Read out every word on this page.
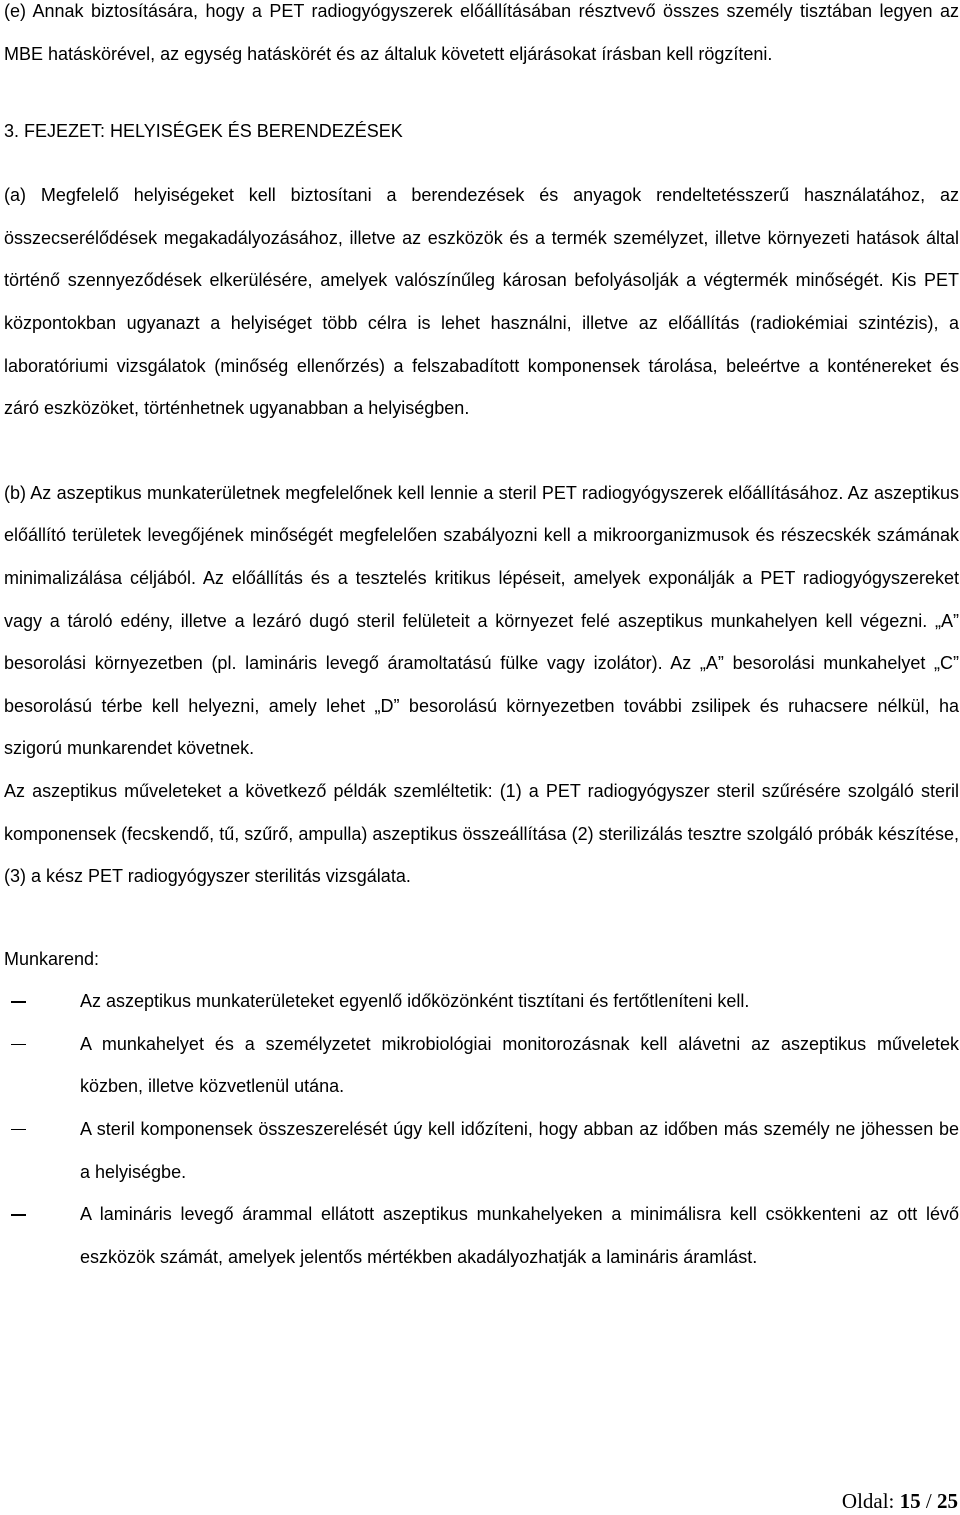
(e) Annak biztosítására, hogy a PET radiogyógyszerek előállításában résztvevő összes személy tisztában legyen az MBE hatáskörével, az egység hatáskörét és az általuk követett eljárásokat írásban kell rögzíteni.

3. FEJEZET: HELYISÉGEK ÉS BERENDEZÉSEK

(a) Megfelelő helyiségeket kell biztosítani a berendezések és anyagok rendeltetésszerű használatához, az összecserélődések megakadályozásához, illetve az eszközök és a termék személyzet, illetve környezeti hatások által történő szennyeződések elkerülésére, amelyek valószínűleg károsan befolyásolják a végtermék minőségét. Kis PET központokban ugyanazt a helyiséget több célra is lehet használni, illetve az előállítás (radiokémiai szintézis), a laboratóriumi vizsgálatok (minőség ellenőrzés) a felszabadított komponensek tárolása, beleértve a konténereket és záró eszközöket, történhetnek ugyanabban a helyiségben.

(b) Az aszeptikus munkaterületnek megfelelőnek kell lennie a steril PET radiogyógyszerek előállításához. Az aszeptikus előállító területek levegőjének minőségét megfelelően szabályozni kell a mikroorganizmusok és részecskék számának minimalizálása céljából. Az előállítás és a tesztelés kritikus lépéseit, amelyek exponálják a PET radiogyógyszereket vagy a tároló edény, illetve a lezáró dugó steril felületeit a környezet felé aszeptikus munkahelyen kell végezni. „A” besorolási környezetben (pl. lamináris levegő áramoltatású fülke vagy izolátor). Az „A” besorolási munkahelyet „C” besorolású térbe kell helyezni, amely lehet „D” besorolású környezetben további zsilipek és ruhacsere nélkül, ha szigorú munkarendet követnek.

Az aszeptikus műveleteket a következő példák szemléltetik: (1) a PET radiogyógyszer steril szűrésére szolgáló steril komponensek (fecskendő, tű, szűrő, ampulla) aszeptikus összeállítása (2) sterilizálás tesztre szolgáló próbák készítése, (3) a kész PET radiogyógyszer sterilitás vizsgálata.

Munkarend:

Az aszeptikus munkaterületeket egyenlő időközönként tisztítani és fertőtleníteni kell.
A munkahelyet és a személyzetet mikrobiológiai monitorozásnak kell alávetni az aszeptikus műveletek közben, illetve közvetlenül utána.
A steril komponensek összeszerelését úgy kell időzíteni, hogy abban az időben más személy ne jöhessen be a helyiségbe.
A lamináris levegő árammal ellátott aszeptikus munkahelyeken a minimálisra kell csökkenteni az ott lévő eszközök számát, amelyek jelentős mértékben akadályozhatják a lamináris áramlást.
Oldal: 15 / 25
